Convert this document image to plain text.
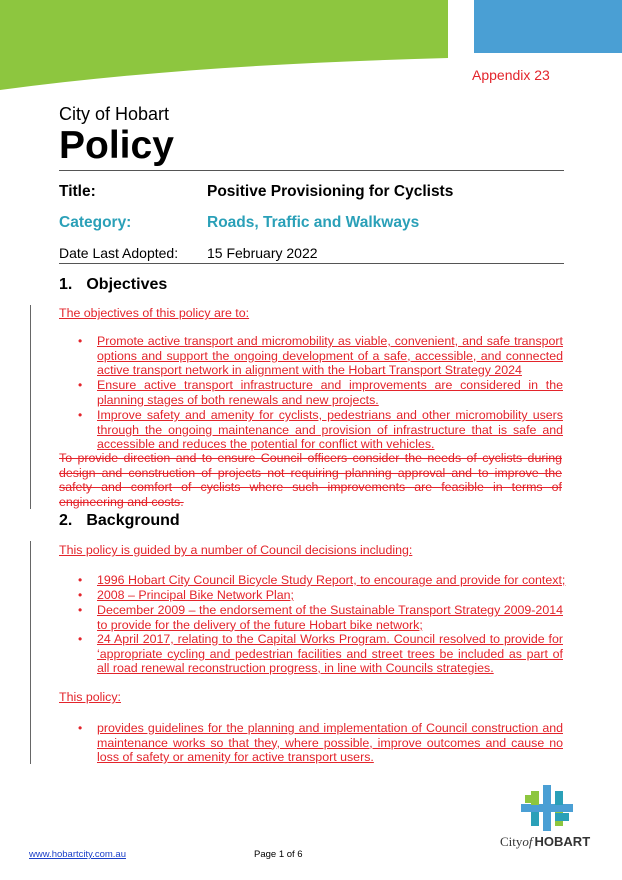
Appendix 23
City of Hobart
Policy
Title:	Positive Provisioning for Cyclists
Category:	Roads, Traffic and Walkways
Date Last Adopted: 15 February 2022
1. Objectives
The objectives of this policy are to:
• Promote active transport and micromobility as viable, convenient, and safe transport options and support the ongoing development of a safe, accessible, and connected active transport network in alignment with the Hobart Transport Strategy 2024
• Ensure active transport infrastructure and improvements are considered in the planning stages of both renewals and new projects.
• Improve safety and amenity for cyclists, pedestrians and other micromobility users through the ongoing maintenance and provision of infrastructure that is safe and accessible and reduces the potential for conflict with vehicles.
To provide direction and to ensure Council officers consider the needs of cyclists during design and construction of projects not requiring planning approval and to improve the safety and comfort of cyclists where such improvements are feasible in terms of engineering and costs.
2. Background
This policy is guided by a number of Council decisions including:
• 1996 Hobart City Council Bicycle Study Report, to encourage and provide for context;
• 2008 – Principal Bike Network Plan;
• December 2009 – the endorsement of the Sustainable Transport Strategy 2009-2014 to provide for the delivery of the future Hobart bike network;
• 24 April 2017, relating to the Capital Works Program. Council resolved to provide for ‘appropriate cycling and pedestrian facilities and street trees be included as part of all road renewal reconstruction progress, in line with Councils strategies.
This policy:
• provides guidelines for the planning and implementation of Council construction and maintenance works so that they, where possible, improve outcomes and cause no loss of safety or amenity for active transport users.
Cityof HOBART
www.hobartcity.com.au	Page 1 of 6
